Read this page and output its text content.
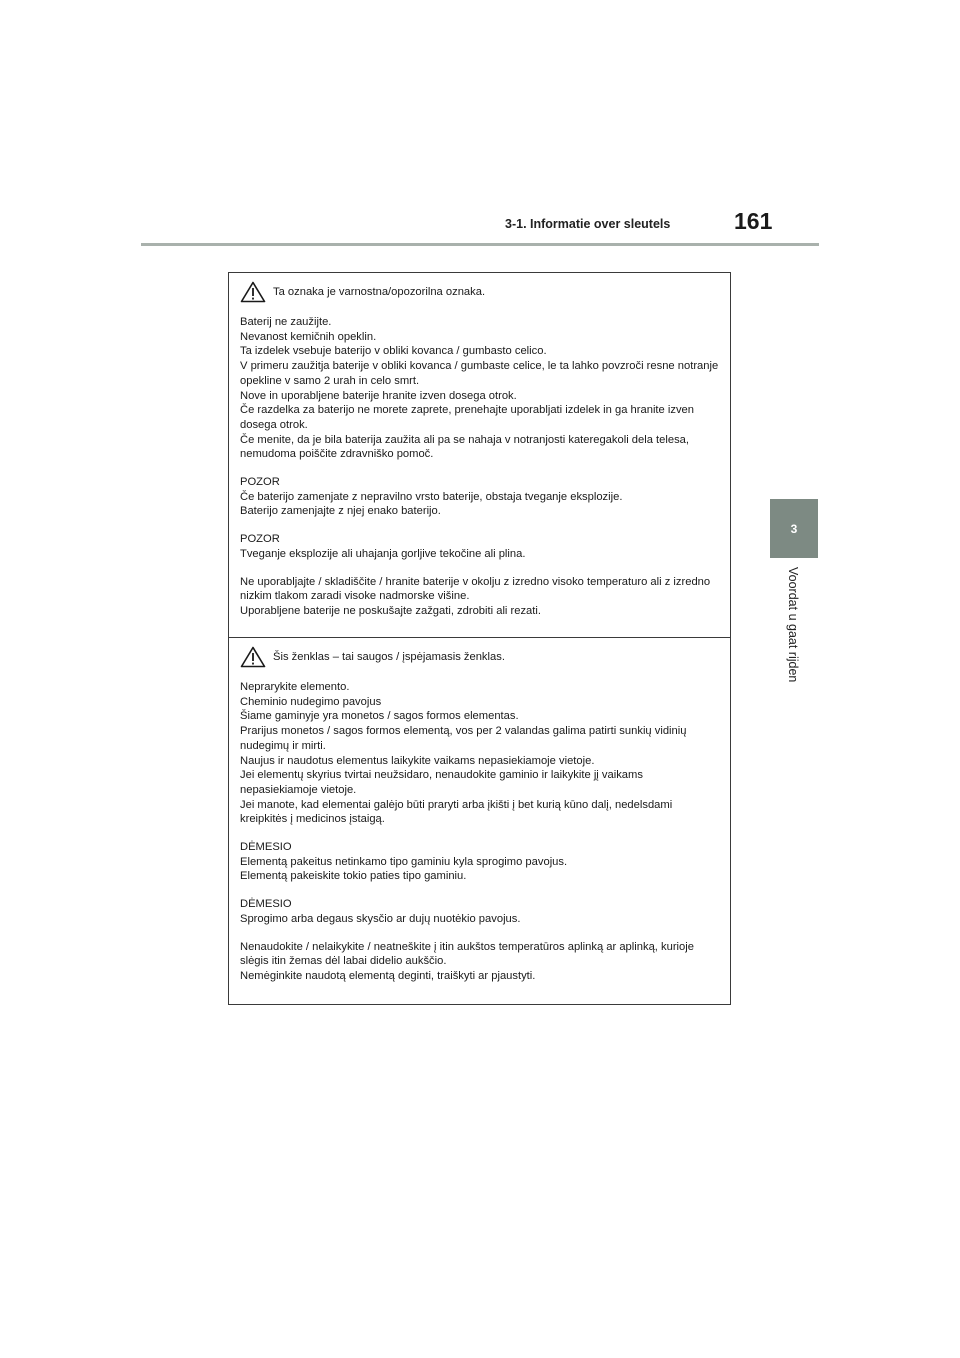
3-1. Informatie over sleutels	161
3
Voordat u gaat rijden
Ta oznaka je varnostna/opozorilna oznaka.
Baterij ne zaužijte.
Nevanost kemičnih opeklin.
Ta izdelek vsebuje baterijo v obliki kovanca / gumbasto celico.
V primeru zaužitja baterije v obliki kovanca / gumbaste celice, le ta lahko povzroči resne notranje opekline v samo 2 urah in celo smrt.
Nove in uporabljene baterije hranite izven dosega otrok.
Če razdelka za baterijo ne morete zaprete, prenehajte uporabljati izdelek in ga hranite izven dosega otrok.
Če menite, da je bila baterija zaužita ali pa se nahaja v notranjosti kateregakoli dela telesa, nemudoma poiščite zdravniško pomoč.
POZOR
Če baterijo zamenjate z nepravilno vrsto baterije, obstaja tveganje eksplozije.
Baterijo zamenjajte z njej enako baterijo.
POZOR
Tveganje eksplozije ali uhajanja gorljive tekočine ali plina.
Ne uporabljajte / skladiščite / hranite baterije v okolju z izredno visoko temperaturo ali z izredno nizkim tlakom zaradi visoke nadmorske višine.
Uporabljene baterije ne poskušajte zažgati, zdrobiti ali rezati.
Šis ženklas – tai saugos / įspėjamasis ženklas.
Neprarykite elemento.
Cheminio nudegimo pavojus
Šiame gaminyje yra monetos / sagos formos elementas.
Prarijus monetos / sagos formos elementą, vos per 2 valandas galima patirti sunkių vidinių nudegimų ir mirti.
Naujus ir naudotus elementus laikykite vaikams nepasiekiamoje vietoje.
Jei elementų skyrius tvirtai neužsidaro, nenaudokite gaminio ir laikykite jį vaikams nepasiekiamoje vietoje.
Jei manote, kad elementai galėjo būti praryti arba įkišti į bet kurią kūno dalį, nedelsdami kreipkitės į medicinos įstaigą.
DĖMESIO
Elementą pakeitus netinkamo tipo gaminiu kyla sprogimo pavojus.
Elementą pakeiskite tokio paties tipo gaminiu.
DĖMESIO
Sprogimo arba degaus skysčio ar dujų nuotėkio pavojus.
Nenaudokite / nelaikykite / neatneškite į itin aukštos temperatūros aplinką ar aplinką, kurioje slėgis itin žemas dėl labai didelio aukščio.
Nemėginkite naudotą elementą deginti, traiškyti ar pjaustyti.
